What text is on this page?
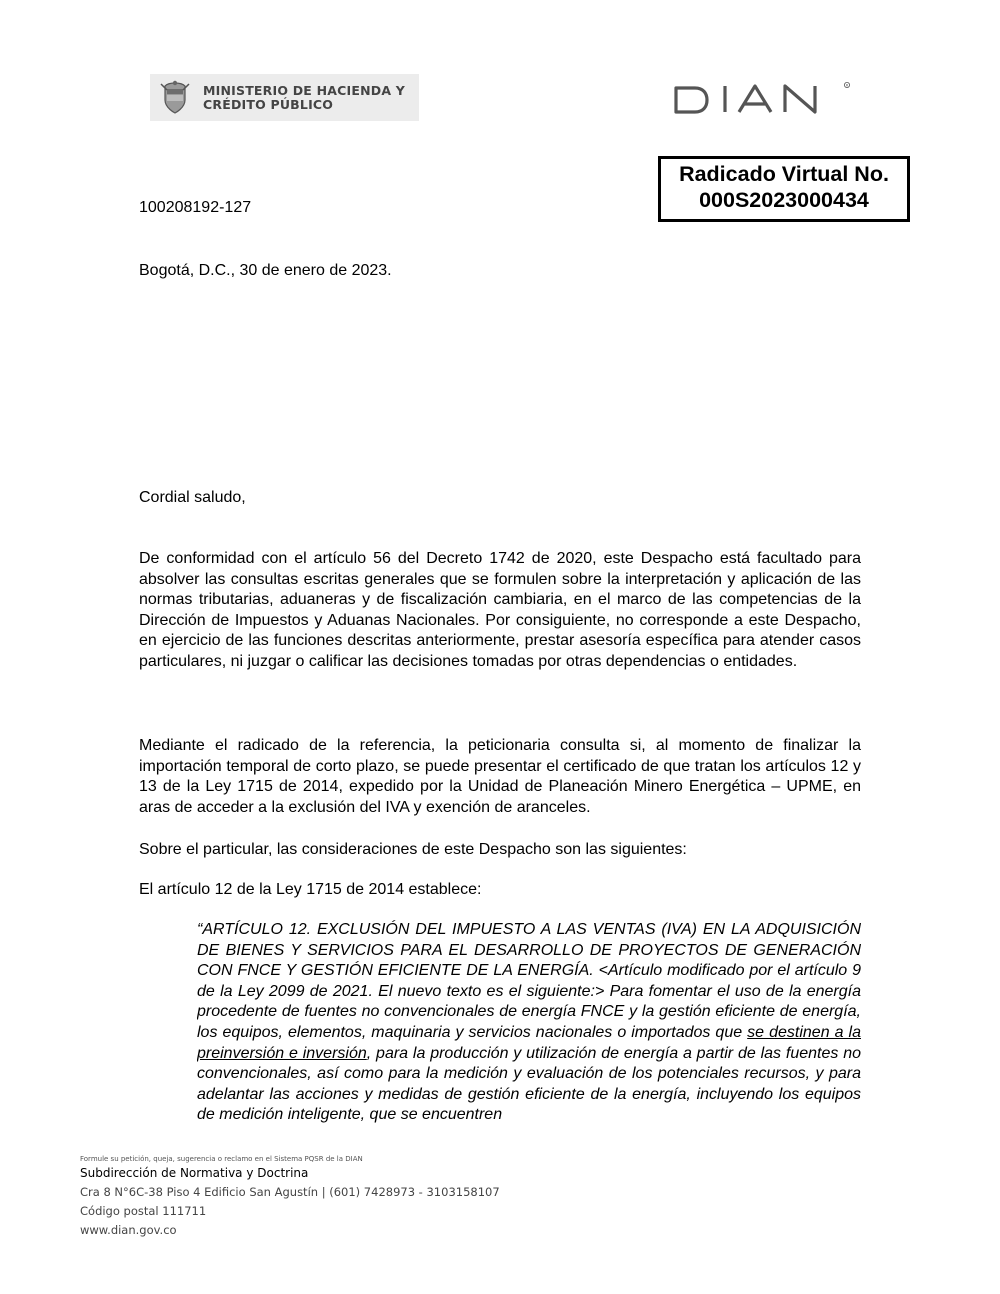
MINISTERIO DE HACIENDA Y
CRÉDITO PÚBLICO
R
Radicado Virtual No.
000S2023000434
100208192-127
Bogotá, D.C., 30 de enero de 2023.
Cordial saludo,

De conformidad con el artículo 56 del Decreto 1742 de 2020, este Despacho está facultado para absolver las consultas escritas generales que se formulen sobre la interpretación y aplicación de las normas tributarias, aduaneras y de fiscalización cambiaria, en el marco de las competencias de la Dirección de Impuestos y Aduanas Nacionales. Por consiguiente, no corresponde a este Despacho, en ejercicio de las funciones descritas anteriormente, prestar asesoría específica para atender casos particulares, ni juzgar o calificar las decisiones tomadas por otras dependencias o entidades.

Mediante el radicado de la referencia, la peticionaria consulta si, al momento de finalizar la importación temporal de corto plazo, se puede presentar el certificado de que tratan los artículos 12 y 13 de la Ley 1715 de 2014, expedido por la Unidad de Planeación Minero Energética – UPME, en aras de acceder a la exclusión del IVA y exención de aranceles.

Sobre el particular, las consideraciones de este Despacho son las siguientes:

El artículo 12 de la Ley 1715 de 2014 establece:

“ARTÍCULO 12. EXCLUSIÓN DEL IMPUESTO A LAS VENTAS (IVA) EN LA ADQUISICIÓN DE BIENES Y SERVICIOS PARA EL DESARROLLO DE PROYECTOS DE GENERACIÓN CON FNCE Y GESTIÓN EFICIENTE DE LA ENERGÍA. <Artículo modificado por el artículo 9 de la Ley 2099 de 2021. El nuevo texto es el siguiente:> Para fomentar el uso de la energía procedente de fuentes no convencionales de energía FNCE y la gestión eficiente de energía, los equipos, elementos, maquinaria y servicios nacionales o importados que se destinen a la preinversión e inversión, para la producción y utilización de energía a partir de las fuentes no convencionales, así como para la medición y evaluación de los potenciales recursos, y para adelantar las acciones y medidas de gestión eficiente de la energía, incluyendo los equipos de medición inteligente, que se encuentren

Formule su petición, queja, sugerencia o reclamo en el Sistema PQSR de la DIAN
Subdirección de Normativa y Doctrina
Cra 8 N°6C-38 Piso 4 Edificio San Agustín | (601) 7428973 - 3103158107
Código postal 111711
www.dian.gov.co
